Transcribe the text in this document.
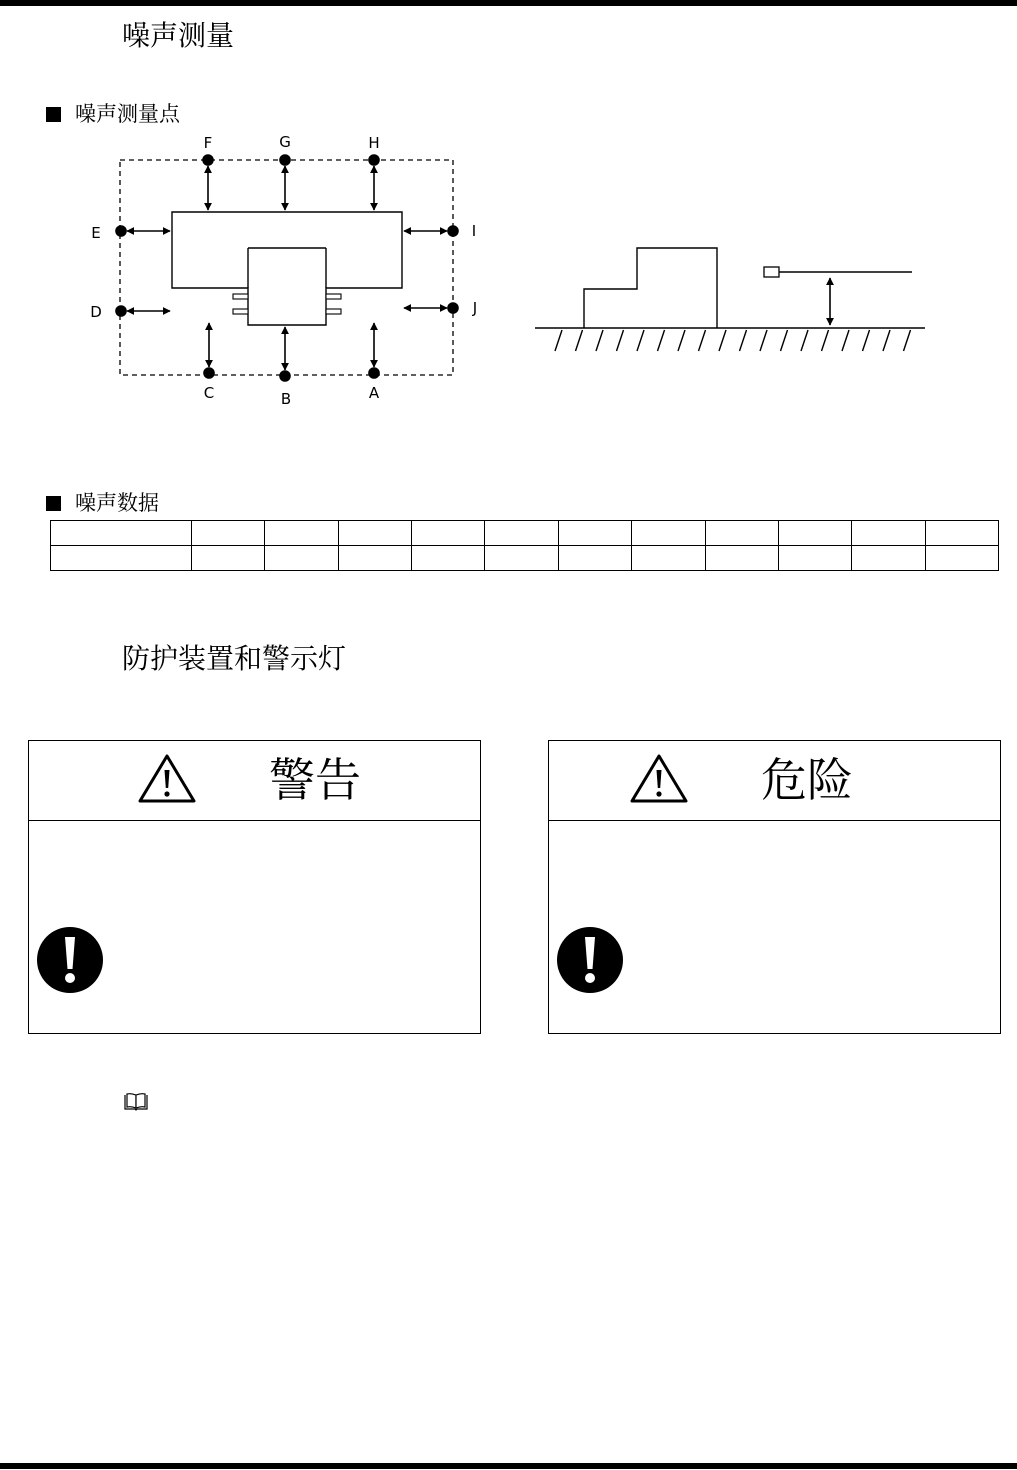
噪声测量
噪声测量点
F	G	H
E
D
I
J
C	B	A
噪声数据

防护装置和警示灯
警告	危险
